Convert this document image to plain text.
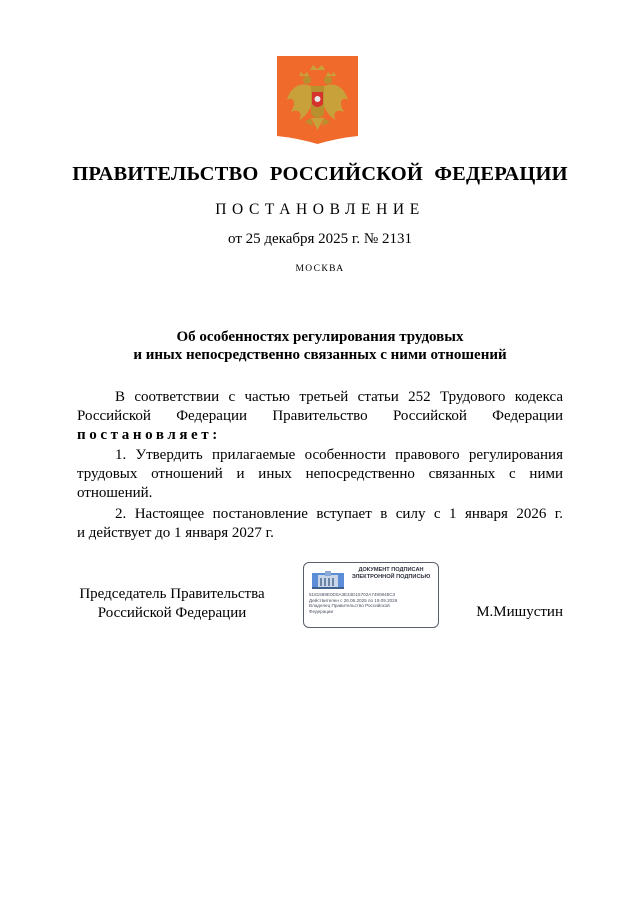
ПРАВИТЕЛЬСТВО РОССИЙСКОЙ ФЕДЕРАЦИИ
ПОСТАНОВЛЕНИЕ
от 25 декабря 2025 г. № 2131
МОСКВА
Об особенностях регулирования трудовых
и иных непосредственно связанных с ними отношений
В соответствии с частью третьей статьи 252 Трудового кодекса
Российской Федерации Правительство Российской Федерации
постановляет:
1. Утвердить прилагаемые особенности правового регулирования
трудовых отношений и иных непосредственно связанных с ними
отношений.
2. Настоящее постановление вступает в силу с 1 января 2026 г.
и действует до 1 января 2027 г.
Председатель Правительства
Российской Федерации
ДОКУМЕНТ ПОДПИСАН
ЭЛЕКТРОННОЙ ПОДПИСЬЮ
5181588E0D0A3E34D15702A7490848C3
Действителен с 26.06.2025 по 19.09.2026
Владелец Правительство Российской
Федерации	М.Мишустин
